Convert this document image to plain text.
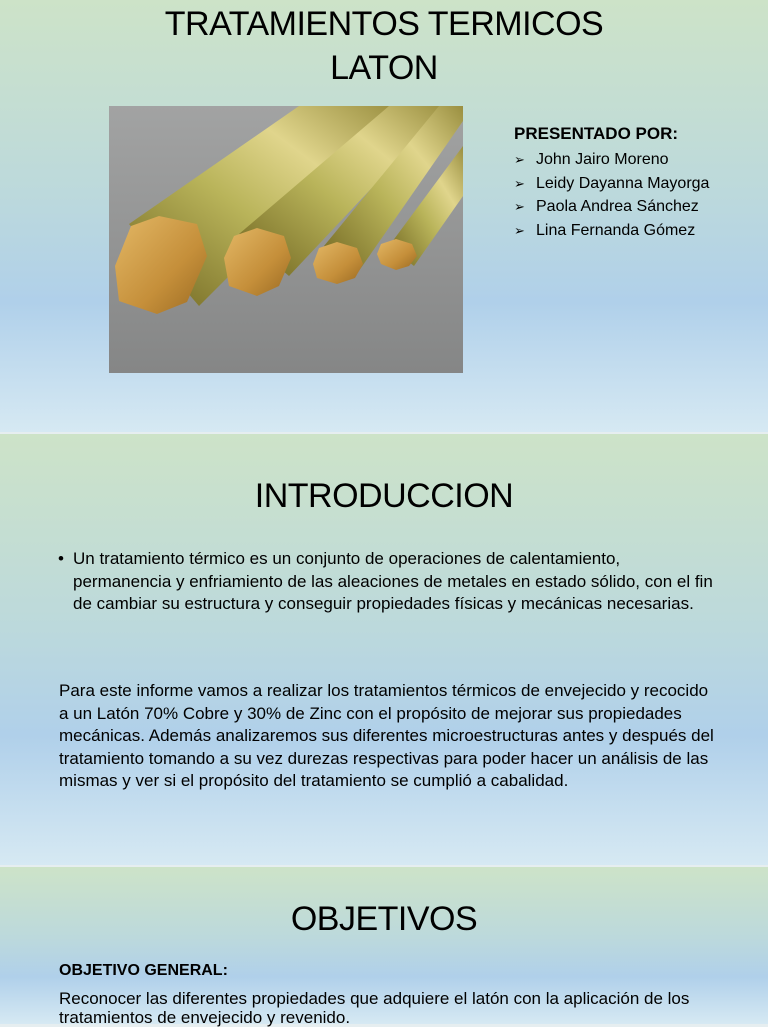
TRATAMIENTOS TERMICOS
LATON
PRESENTADO POR:
➢ John Jairo Moreno
➢ Leidy Dayanna Mayorga
➢ Paola Andrea Sánchez
➢ Lina Fernanda Gómez
INTRODUCCION
• Un tratamiento térmico es un conjunto de operaciones de calentamiento, permanencia y enfriamiento de las aleaciones de metales en estado sólido, con el fin de cambiar su estructura y conseguir propiedades físicas y mecánicas necesarias.
Para este informe vamos a realizar los tratamientos térmicos de envejecido y recocido a un Latón 70% Cobre y 30% de Zinc con el propósito de mejorar sus propiedades mecánicas. Además analizaremos sus diferentes microestructuras antes y después del tratamiento tomando a su vez durezas respectivas para poder hacer un análisis de las mismas y ver si el propósito del tratamiento se cumplió a cabalidad.
OBJETIVOS
OBJETIVO GENERAL:
Reconocer las diferentes propiedades que adquiere el latón con la aplicación de los tratamientos de envejecido y revenido.
